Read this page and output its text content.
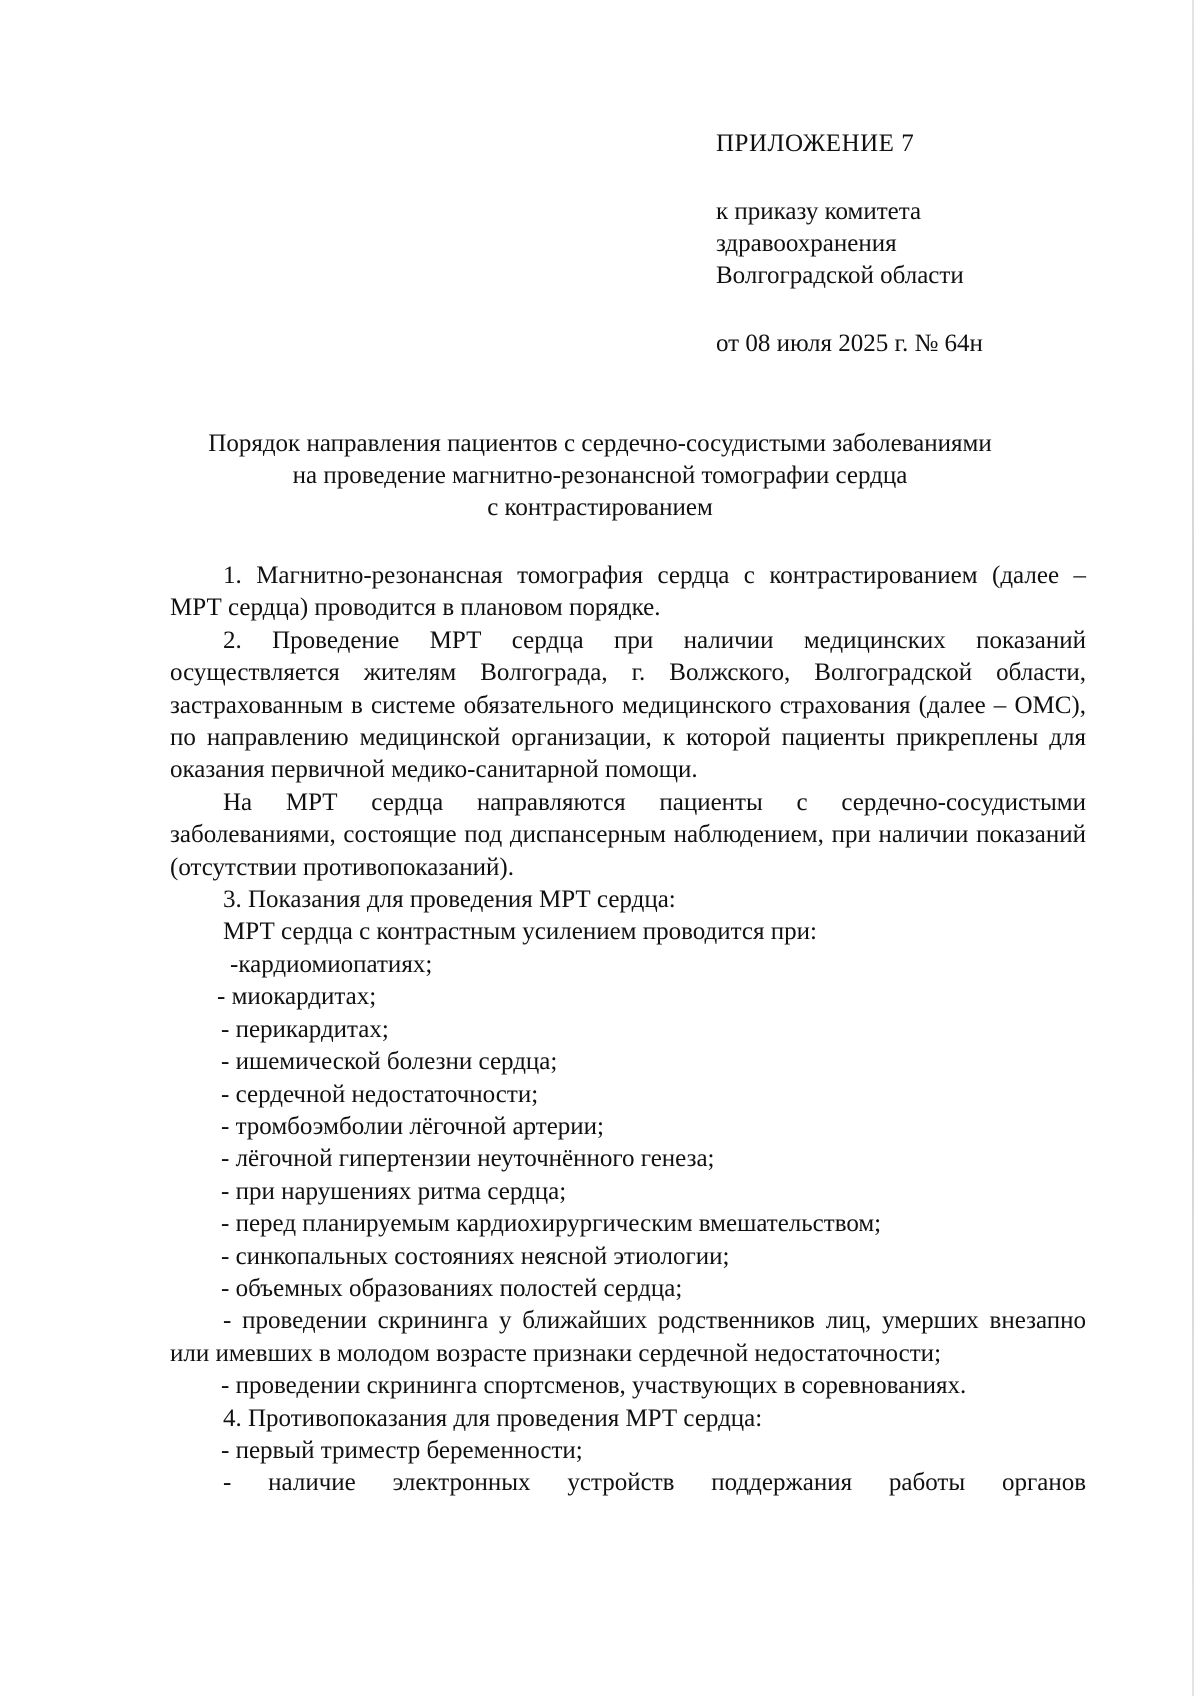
ПРИЛОЖЕНИЕ 7
к приказу комитета
здравоохранения
Волгоградской области
от 08 июля 2025 г. № 64н
Порядок направления пациентов с сердечно-сосудистыми заболеваниями
на проведение магнитно-резонансной томографии сердца
с контрастированием

1. Магнитно-резонансная томография сердца с контрастированием (далее – МРТ сердца) проводится в плановом порядке.

2. Проведение МРТ сердца при наличии медицинских показаний осуществляется жителям Волгограда, г. Волжского, Волгоградской области, застрахованным в системе обязательного медицинского страхования (далее – ОМС), по направлению медицинской организации, к которой пациенты прикреплены для оказания первичной медико-санитарной помощи.

На МРТ сердца направляются пациенты с сердечно-сосудистыми заболеваниями, состоящие под диспансерным наблюдением, при наличии показаний (отсутствии противопоказаний).

3. Показания для проведения МРТ сердца:

МРТ сердца с контрастным усилением проводится при:

-кардиомиопатиях;

- миокардитах;

- перикардитах;

- ишемической болезни сердца;

- сердечной недостаточности;

- тромбоэмболии лёгочной артерии;

- лёгочной гипертензии неуточнённого генеза;

- при нарушениях ритма сердца;

- перед планируемым кардиохирургическим вмешательством;

- синкопальных состояниях неясной этиологии;

- объемных образованиях полостей сердца;

- проведении скрининга у ближайших родственников лиц, умерших внезапно или имевших в молодом возрасте признаки сердечной недостаточности;

- проведении скрининга спортсменов, участвующих в соревнованиях.

4. Противопоказания для проведения МРТ сердца:

- первый триместр беременности;

- наличие электронных устройств поддержания работы органов
